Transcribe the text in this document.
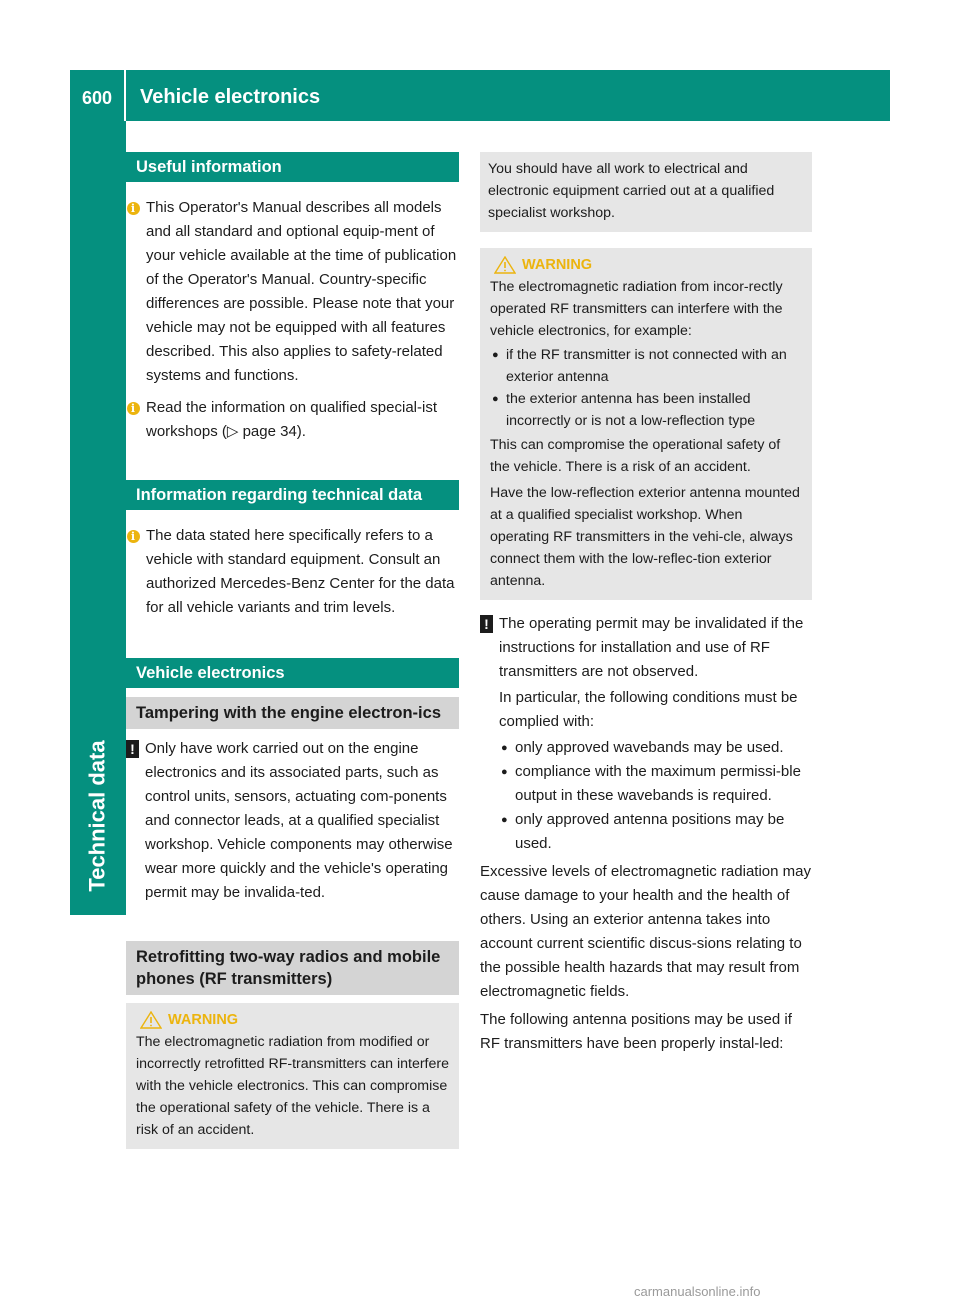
600	Vehicle electronics
Technical data
Useful information
i This Operator's Manual describes all models and all standard and optional equip-ment of your vehicle available at the time of publication of the Operator's Manual. Country-specific differences are possible. Please note that your vehicle may not be equipped with all features described. This also applies to safety-related systems and functions.

i Read the information on qualified special-ist workshops (▷ page 34).

Information regarding technical data
i The data stated here specifically refers to a vehicle with standard equipment. Consult an authorized Mercedes-Benz Center for the data for all vehicle variants and trim levels.

Vehicle electronics
Tampering with the engine electron-ics
! Only have work carried out on the engine electronics and its associated parts, such as control units, sensors, actuating com-ponents and connector leads, at a qualified specialist workshop. Vehicle components may otherwise wear more quickly and the vehicle's operating permit may be invalida-ted.

Retrofitting two-way radios and mobile phones (RF transmitters)
WARNING

The electromagnetic radiation from modified or incorrectly retrofitted RF-transmitters can interfere with the vehicle electronics. This can compromise the operational safety of the vehicle. There is a risk of an accident.

You should have all work to electrical and electronic equipment carried out at a qualified specialist workshop.

WARNING

The electromagnetic radiation from incor-rectly operated RF transmitters can interfere with the vehicle electronics, for example:

● if the RF transmitter is not connected with an exterior antenna
● the exterior antenna has been installed incorrectly or is not a low-reflection type

This can compromise the operational safety of the vehicle. There is a risk of an accident.

Have the low-reflection exterior antenna mounted at a qualified specialist workshop. When operating RF transmitters in the vehi-cle, always connect them with the low-reflec-tion exterior antenna.

! The operating permit may be invalidated if the instructions for installation and use of RF transmitters are not observed.

In particular, the following conditions must be complied with:

● only approved wavebands may be used.
● compliance with the maximum permissi-ble output in these wavebands is required.
● only approved antenna positions may be used.

Excessive levels of electromagnetic radiation may cause damage to your health and the health of others. Using an exterior antenna takes into account current scientific discus-sions relating to the possible health hazards that may result from electromagnetic fields.

The following antenna positions may be used if RF transmitters have been properly instal-led:

carmanualsonline.info
